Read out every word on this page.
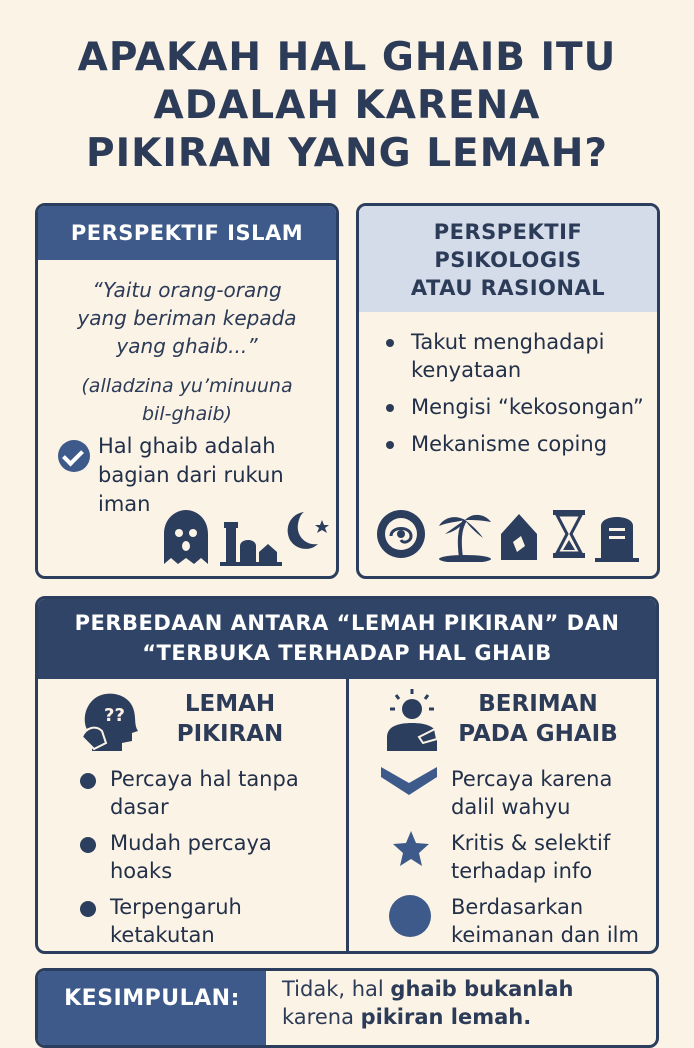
APAKAH HAL GHAIB ITU
ADALAH KARENA
PIKIRAN YANG LEMAH?
PERSPEKTIF ISLAM
“Yaitu orang-orang
yang beriman kepada
yang ghaib...”
(alladzina yu’minuuna
bil-ghaib)
Hal ghaib adalah bagian dari rukun iman
PERSPEKTIF
PSIKOLOGIS
ATAU RASIONAL
Takut menghadapi kenyataan
Mengisi “kekosongan”
Mekanisme coping
PERBEDAAN ANTARA “LEMAH PIKIRAN” DAN
“TERBUKA TERHADAP HAL GHAIB
??	LEMAH
PIKIRAN
Percaya hal tanpa dasar
Mudah percaya hoaks
Terpengaruh ketakutan
BERIMAN
PADA GHAIB
Percaya karena dalil wahyu
Kritis & selektif terhadap info
Berdasarkan keimanan dan ilm
KESIMPULAN:	Tidak, hal ghaib bukanlah
karena pikiran lemah.
